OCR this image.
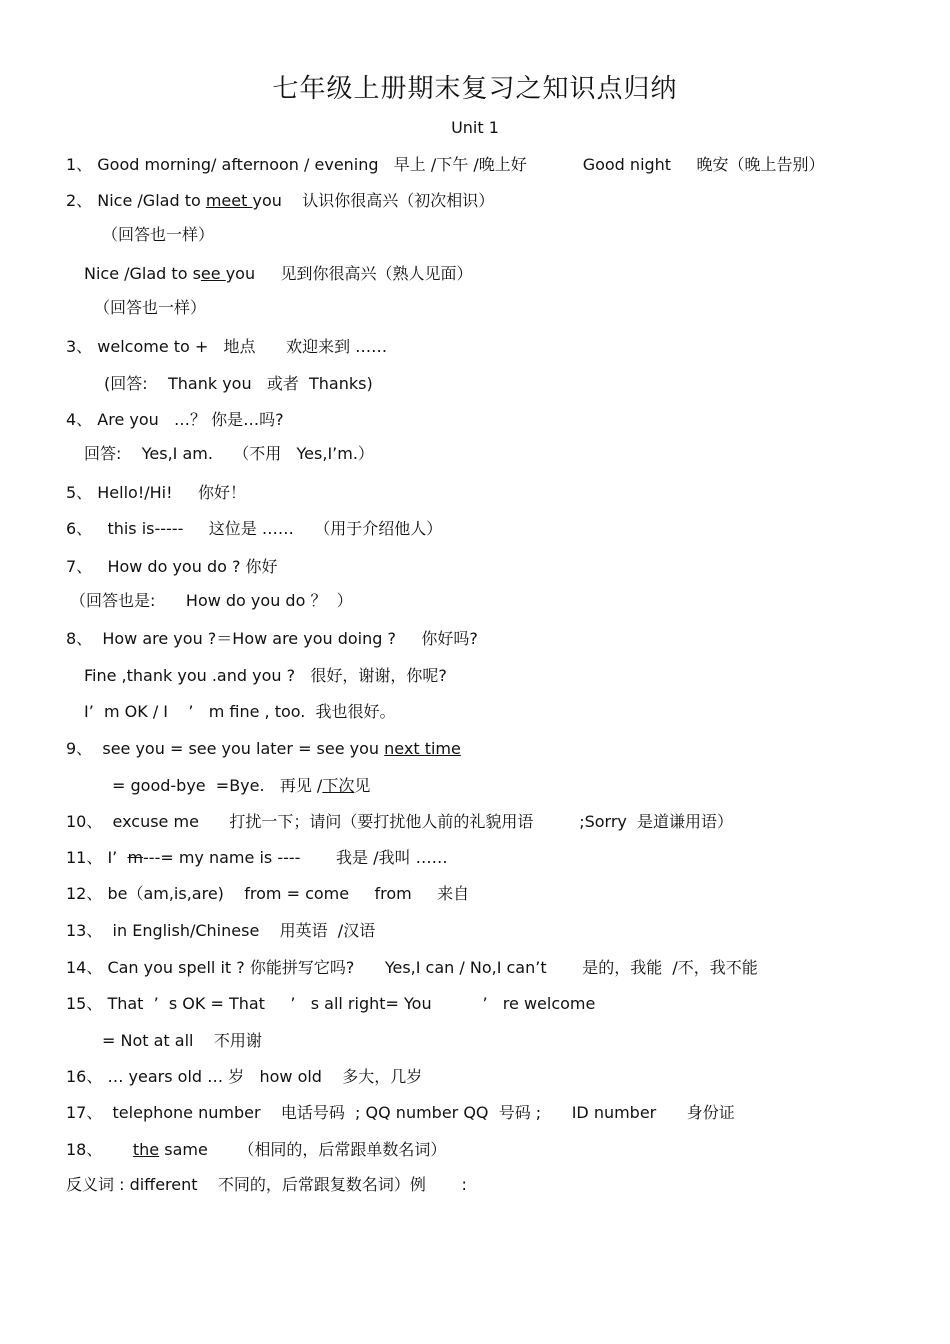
七年级上册期末复习之知识点归纳
Unit 1
1、 Good morning/ afternoon / evening   早上 /下午 /晚上好           Good night     晚安（晚上告别）
2、 Nice /Glad to meet you    认识你很高兴（初次相识）
（回答也一样）
Nice /Glad to see you     见到你很高兴（熟人见面）
（回答也一样）
3、 welcome to +   地点      欢迎来到 ……
(回答:    Thank you   或者  Thanks)
4、 Are you   …？ 你是…吗?
回答:    Yes,I am.    （不用   Yes,I’m.）
5、 Hello!/Hi!     你好！
6、   this is-----     这位是 ……    （用于介绍他人）
7、   How do you do ? 你好
（回答也是:      How do you do ？  ）
8、  How are you ?＝How are you doing ?     你好吗?
Fine ,thank you .and you ?   很好，谢谢，你呢?
I’  m OK / I    ’   m fine , too.  我也很好。
9、  see you = see you later = see you next time
= good-bye  =Bye.   再见 /下次见
10、  excuse me      打扰一下；请问（要打扰他人前的礼貌用语         ;Sorry  是道谦用语）
11、 I’  m---= my name is ----       我是 /我叫 ……
12、 be（am,is,are)    from = come     from     来自
13、  in English/Chinese    用英语  /汉语
14、 Can you spell it ? 你能拼写它吗?      Yes,I can / No,I can’t       是的，我能  /不，我不能
15、 That  ’  s OK = That     ’   s all right= You          ’   re welcome
= Not at all    不用谢
16、 … years old … 岁   how old    多大，几岁
17、  telephone number    电话号码  ; QQ number QQ  号码 ;      ID number      身份证
18、      the same      （相同的，后常跟单数名词）
反义词 : different    不同的，后常跟复数名词）例       :
